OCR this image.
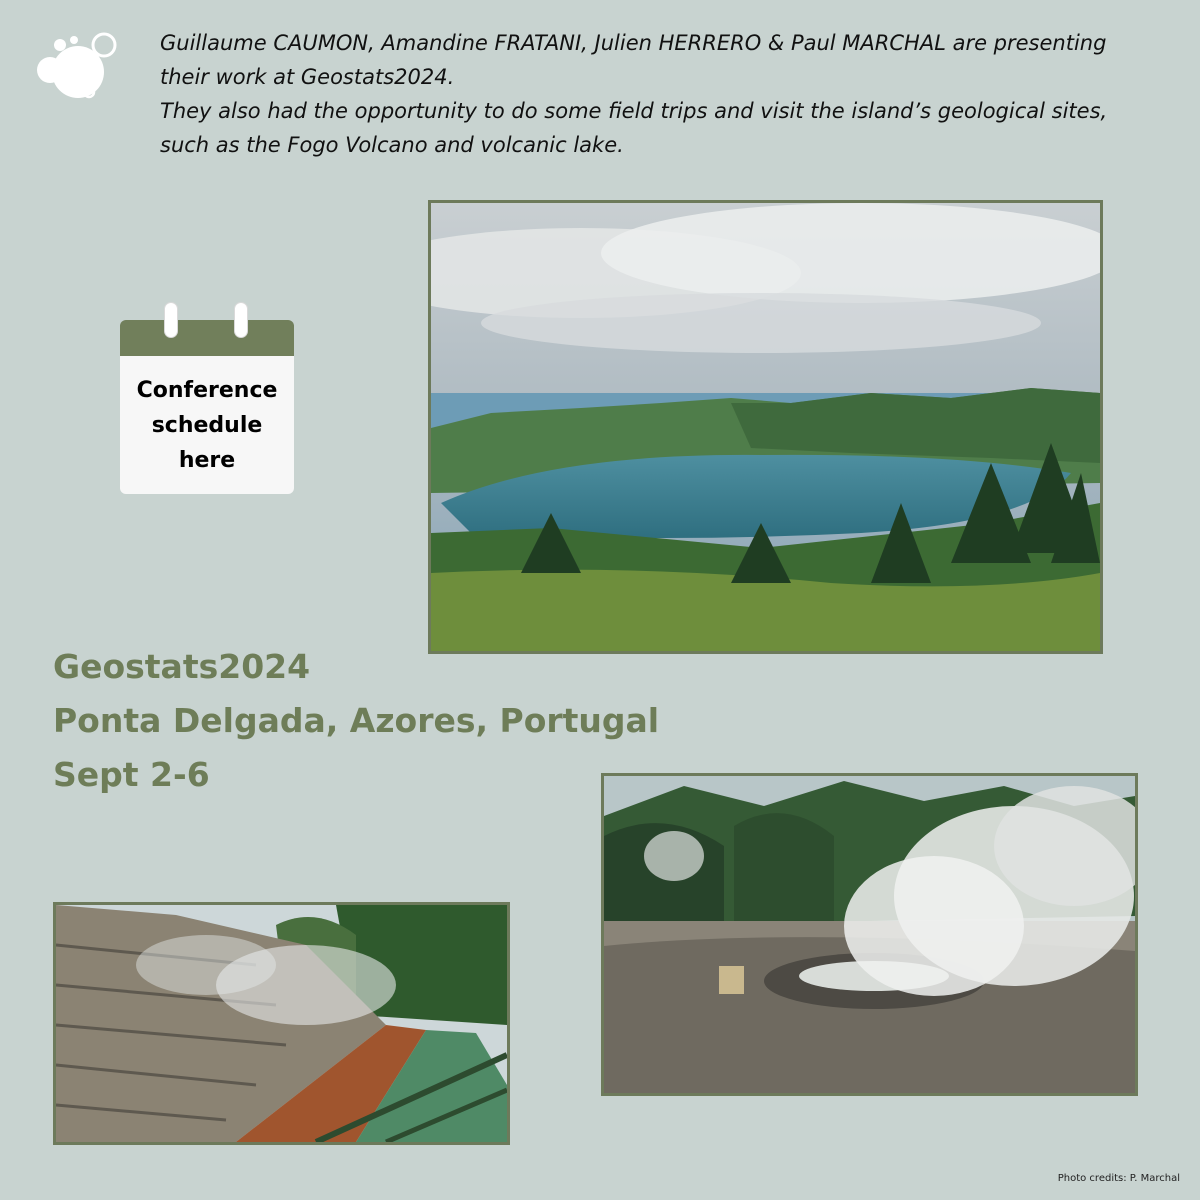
Guillaume CAUMON, Amandine FRATANI, Julien HERRERO & Paul MARCHAL are presenting
their work at Geostats2024.
They also had the opportunity to do some field trips and visit the island’s geological sites,
such as the Fogo Volcano and volcanic lake.

Conference schedule here
Geostats2024
Ponta Delgada, Azores, Portugal
Sept 2-6
Photo credits: P. Marchal
